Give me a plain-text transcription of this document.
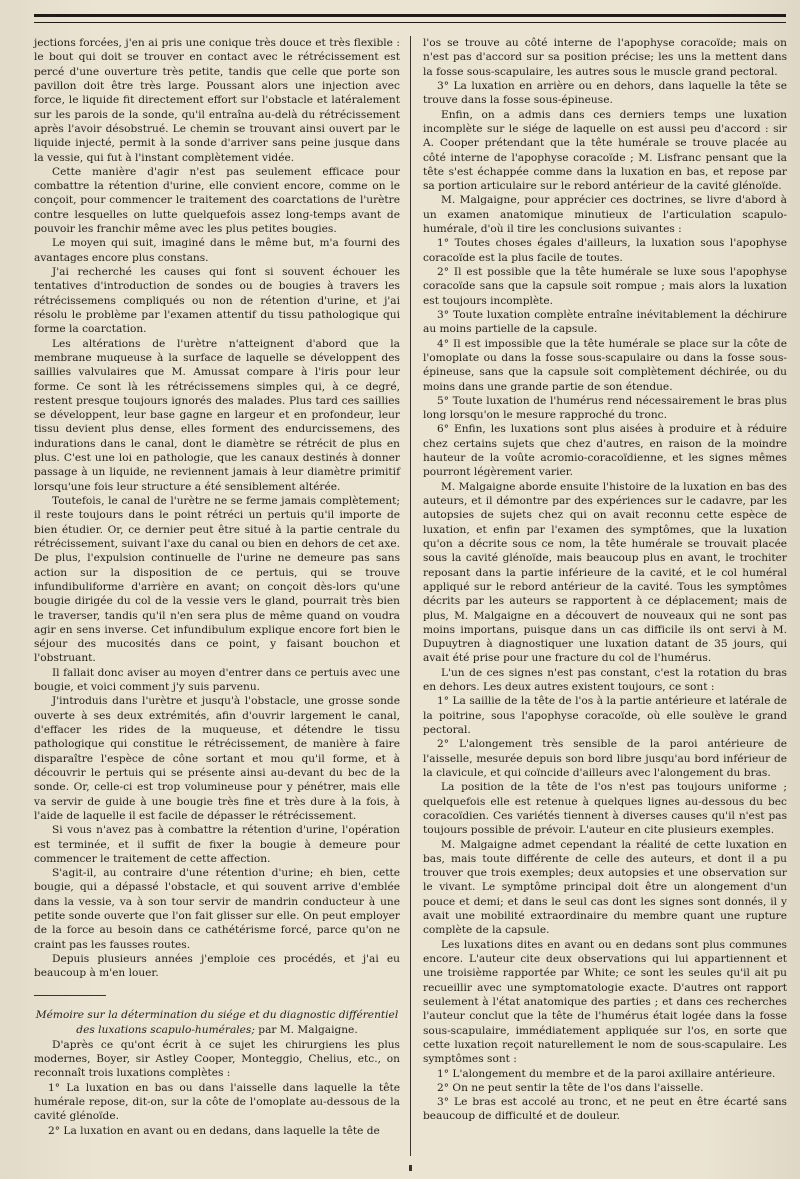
jections forcées, j'en ai pris une conique très douce et très flexible : le bout qui doit se trouver en contact avec le rétrécissement est percé d'une ouverture très petite, tandis que celle que porte son pavillon doit être très large. Poussant alors une injection avec force, le liquide fit directement effort sur l'obstacle et latéralement sur les parois de la sonde, qu'il entraîna au-delà du rétrécissement après l'avoir désobstrué. Le chemin se trouvant ainsi ouvert par le liquide injecté, permit à la sonde d'arriver sans peine jusque dans la vessie, qui fut à l'instant complètement vidée.

Cette manière d'agir n'est pas seulement efficace pour combattre la rétention d'urine, elle convient encore, comme on le conçoit, pour commencer le traitement des coarctations de l'urètre contre lesquelles on lutte quelquefois assez long-temps avant de pouvoir les franchir même avec les plus petites bougies.

Le moyen qui suit, imaginé dans le même but, m'a fourni des avantages encore plus constans.

J'ai recherché les causes qui font si souvent échouer les tentatives d'introduction de sondes ou de bougies à travers les rétrécissemens compliqués ou non de rétention d'urine, et j'ai résolu le problème par l'examen attentif du tissu pathologique qui forme la coarctation.

Les altérations de l'urètre n'atteignent d'abord que la membrane muqueuse à la surface de laquelle se développent des saillies valvulaires que M. Amussat compare à l'iris pour leur forme. Ce sont là les rétrécissemens simples qui, à ce degré, restent presque toujours ignorés des malades. Plus tard ces saillies se développent, leur base gagne en largeur et en profondeur, leur tissu devient plus dense, elles forment des endurcissemens, des indurations dans le canal, dont le diamètre se rétrécit de plus en plus. C'est une loi en pathologie, que les canaux destinés à donner passage à un liquide, ne reviennent jamais à leur diamètre primitif lorsqu'une fois leur structure a été sensiblement altérée.

Toutefois, le canal de l'urètre ne se ferme jamais complètement; il reste toujours dans le point rétréci un pertuis qu'il importe de bien étudier. Or, ce dernier peut être situé à la partie centrale du rétrécissement, suivant l'axe du canal ou bien en dehors de cet axe. De plus, l'expulsion continuelle de l'urine ne demeure pas sans action sur la disposition de ce pertuis, qui se trouve infundibuliforme d'arrière en avant; on conçoit dès-lors qu'une bougie dirigée du col de la vessie vers le gland, pourrait très bien le traverser, tandis qu'il n'en sera plus de même quand on voudra agir en sens inverse. Cet infundibulum explique encore fort bien le séjour des mucosités dans ce point, y faisant bouchon et l'obstruant.

Il fallait donc aviser au moyen d'entrer dans ce pertuis avec une bougie, et voici comment j'y suis parvenu.

J'introduis dans l'urètre et jusqu'à l'obstacle, une grosse sonde ouverte à ses deux extrémités, afin d'ouvrir largement le canal, d'effacer les rides de la muqueuse, et détendre le tissu pathologique qui constitue le rétrécissement, de manière à faire disparaître l'espèce de cône sortant et mou qu'il forme, et à découvrir le pertuis qui se présente ainsi au-devant du bec de la sonde. Or, celle-ci est trop volumineuse pour y pénétrer, mais elle va servir de guide à une bougie très fine et très dure à la fois, à l'aide de laquelle il est facile de dépasser le rétrécissement.

Si vous n'avez pas à combattre la rétention d'urine, l'opération est terminée, et il suffit de fixer la bougie à demeure pour commencer le traitement de cette affection.

S'agit-il, au contraire d'une rétention d'urine; eh bien, cette bougie, qui a dépassé l'obstacle, et qui souvent arrive d'emblée dans la vessie, va à son tour servir de mandrin conducteur à une petite sonde ouverte que l'on fait glisser sur elle. On peut employer de la force au besoin dans ce cathétérisme forcé, parce qu'on ne craint pas les fausses routes.

Depuis plusieurs années j'emploie ces procédés, et j'ai eu beaucoup à m'en louer.

Mémoire sur la détermination du siége et du diagnostic différentiel des luxations scapulo-humérales; par M. Malgaigne.

D'après ce qu'ont écrit à ce sujet les chirurgiens les plus modernes, Boyer, sir Astley Cooper, Monteggio, Chelius, etc., on reconnaît trois luxations complètes :

1° La luxation en bas ou dans l'aisselle dans laquelle la tête humérale repose, dit-on, sur la côte de l'omoplate au-dessous de la cavité glénoïde.

2° La luxation en avant ou en dedans, dans laquelle la tête de

l'os se trouve au côté interne de l'apophyse coracoïde; mais on n'est pas d'accord sur sa position précise; les uns la mettent dans la fosse sous-scapulaire, les autres sous le muscle grand pectoral.

3° La luxation en arrière ou en dehors, dans laquelle la tête se trouve dans la fosse sous-épineuse.

Enfin, on a admis dans ces derniers temps une luxation incomplète sur le siége de laquelle on est aussi peu d'accord : sir A. Cooper prétendant que la tête humérale se trouve placée au côté interne de l'apophyse coracoïde ; M. Lisfranc pensant que la tête s'est échappée comme dans la luxation en bas, et repose par sa portion articulaire sur le rebord antérieur de la cavité glénoïde.

M. Malgaigne, pour apprécier ces doctrines, se livre d'abord à un examen anatomique minutieux de l'articulation scapulo-humérale, d'où il tire les conclusions suivantes :

1° Toutes choses égales d'ailleurs, la luxation sous l'apophyse coracoïde est la plus facile de toutes.

2° Il est possible que la tête humérale se luxe sous l'apophyse coracoïde sans que la capsule soit rompue ; mais alors la luxation est toujours incomplète.

3° Toute luxation complète entraîne inévitablement la déchirure au moins partielle de la capsule.

4° Il est impossible que la tête humérale se place sur la côte de l'omoplate ou dans la fosse sous-scapulaire ou dans la fosse sous-épineuse, sans que la capsule soit complètement déchirée, ou du moins dans une grande partie de son étendue.

5° Toute luxation de l'humérus rend nécessairement le bras plus long lorsqu'on le mesure rapproché du tronc.

6° Enfin, les luxations sont plus aisées à produire et à réduire chez certains sujets que chez d'autres, en raison de la moindre hauteur de la voûte acromio-coracoïdienne, et les signes mêmes pourront légèrement varier.

M. Malgaigne aborde ensuite l'histoire de la luxation en bas des auteurs, et il démontre par des expériences sur le cadavre, par les autopsies de sujets chez qui on avait reconnu cette espèce de luxation, et enfin par l'examen des symptômes, que la luxation qu'on a décrite sous ce nom, la tête humérale se trouvait placée sous la cavité glénoïde, mais beaucoup plus en avant, le trochiter reposant dans la partie inférieure de la cavité, et le col huméral appliqué sur le rebord antérieur de la cavité. Tous les symptômes décrits par les auteurs se rapportent à ce déplacement; mais de plus, M. Malgaigne en a découvert de nouveaux qui ne sont pas moins importans, puisque dans un cas difficile ils ont servi à M. Dupuytren à diagnostiquer une luxation datant de 35 jours, qui avait été prise pour une fracture du col de l'humérus.

L'un de ces signes n'est pas constant, c'est la rotation du bras en dehors. Les deux autres existent toujours, ce sont :

1° La saillie de la tête de l'os à la partie antérieure et latérale de la poitrine, sous l'apophyse coracoïde, où elle soulève le grand pectoral.

2° L'alongement très sensible de la paroi antérieure de l'aisselle, mesurée depuis son bord libre jusqu'au bord inférieur de la clavicule, et qui coïncide d'ailleurs avec l'alongement du bras.

La position de la tête de l'os n'est pas toujours uniforme ; quelquefois elle est retenue à quelques lignes au-dessous du bec coracoïdien. Ces variétés tiennent à diverses causes qu'il n'est pas toujours possible de prévoir. L'auteur en cite plusieurs exemples.

M. Malgaigne admet cependant la réalité de cette luxation en bas, mais toute différente de celle des auteurs, et dont il a pu trouver que trois exemples; deux autopsies et une observation sur le vivant. Le symptôme principal doit être un alongement d'un pouce et demi; et dans le seul cas dont les signes sont donnés, il y avait une mobilité extraordinaire du membre quant une rupture complète de la capsule.

Les luxations dites en avant ou en dedans sont plus communes encore. L'auteur cite deux observations qui lui appartiennent et une troisième rapportée par White; ce sont les seules qu'il ait pu recueillir avec une symptomatologie exacte. D'autres ont rapport seulement à l'état anatomique des parties ; et dans ces recherches l'auteur conclut que la tête de l'humérus était logée dans la fosse sous-scapulaire, immédiatement appliquée sur l'os, en sorte que cette luxation reçoit naturellement le nom de sous-scapulaire. Les symptômes sont :

1° L'alongement du membre et de la paroi axillaire antérieure.

2° On ne peut sentir la tête de l'os dans l'aisselle.

3° Le bras est accolé au tronc, et ne peut en être écarté sans beaucoup de difficulté et de douleur.
